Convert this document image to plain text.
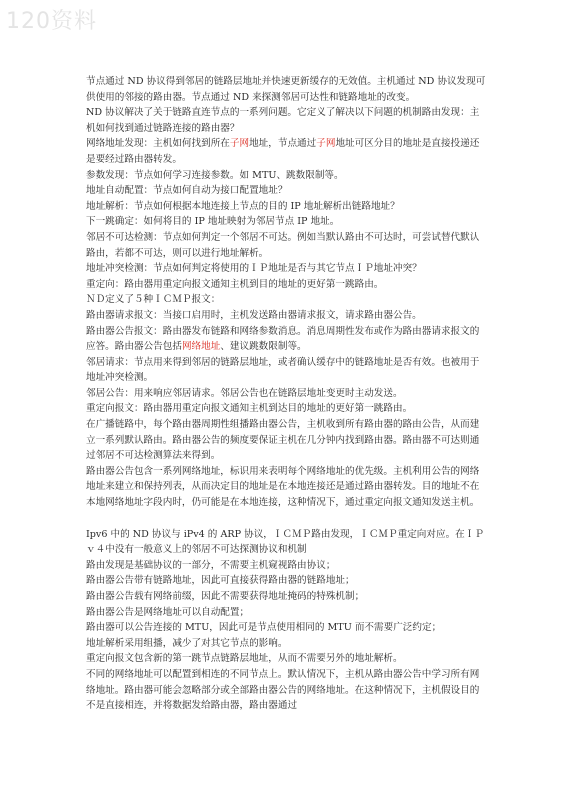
120资料

节点通过 ND 协议得到邻居的链路层地址并快速更新缓存的无效值。主机通过 ND 协议发现可供使用的邻接的路由器。节点通过 ND 来探测邻居可达性和链路地址的改变。

ND 协议解决了关于链路直连节点的一系列问题。它定义了解决以下问题的机制路由发现：主机如何找到通过链路连接的路由器？

网络地址发现：主机如何找到所在子网地址，节点通过子网地址可区分目的地址是直接投递还是要经过路由器转发。

参数发现：节点如何学习连接参数。如 MTU、跳数限制等。

地址自动配置：节点如何自动为接口配置地址？

地址解析：节点如何根据本地连接上节点的目的 IP 地址解析出链路地址？

下一跳确定：如何将目的 IP 地址映射为邻居节点 IP 地址。

邻居不可达检测：节点如何判定一个邻居不可达。例如当默认路由不可达时，可尝试替代默认路由，若都不可达，则可以进行地址解析。

地址冲突检测：节点如何判定将使用的ＩＰ地址是否与其它节点ＩＰ地址冲突？

重定向：路由器用重定向报文通知主机到目的地址的更好第一跳路由。

ＮＤ定义了５种ＩＣＭＰ报文：

路由器请求报文：当接口启用时，主机发送路由器请求报文，请求路由器公告。

路由器公告报文：路由器发布链路和网络参数消息。消息周期性发布或作为路由器请求报文的应答。路由器公告包括网络地址、建议跳数限制等。

邻居请求：节点用来得到邻居的链路层地址，或者确认缓存中的链路地址是否有效。也被用于地址冲突检测。

邻居公告：用来响应邻居请求。邻居公告也在链路层地址变更时主动发送。

重定向报文：路由器用重定向报文通知主机到达目的地址的更好第一跳路由。

在广播链路中，每个路由器周期性组播路由器公告，主机收到所有路由器的路由公告，从而建立一系列默认路由。路由器公告的频度要保证主机在几分钟内找到路由器。路由器不可达则通过邻居不可达检测算法来得到。

路由器公告包含一系列网络地址，标识用来表明每个网络地址的优先级。主机利用公告的网络地址来建立和保持列表，从而决定目的地址是在本地连接还是通过路由器转发。目的地址不在本地网络地址字段内时，仍可能是在本地连接，这种情况下，通过重定向报文通知发送主机。

Ipv6 中的 ND 协议与 iPv4 的 ARP 协议，ＩＣＭＰ路由发现，ＩＣＭＰ重定向对应。在ＩＰｖ４中没有一般意义上的邻居不可达探测协议和机制

路由发现是基础协议的一部分，不需要主机窥视路由协议；

路由器公告带有链路地址，因此可直接获得路由器的链路地址；

路由器公告载有网络前缀，因此不需要获得地址掩码的特殊机制；

路由器公告是网络地址可以自动配置；

路由器可以公告连接的 MTU，因此可是节点使用相同的 MTU 而不需要广泛约定；

地址解析采用组播，减少了对其它节点的影响。

重定向报文包含新的第一跳节点链路层地址，从而不需要另外的地址解析。

不同的网络地址可以配置到相连的不同节点上。默认情况下，主机从路由器公告中学习所有网络地址。路由器可能会忽略部分或全部路由器公告的网络地址。在这种情况下，主机假设目的不是直接相连，并将数据发给路由器，路由器通过
